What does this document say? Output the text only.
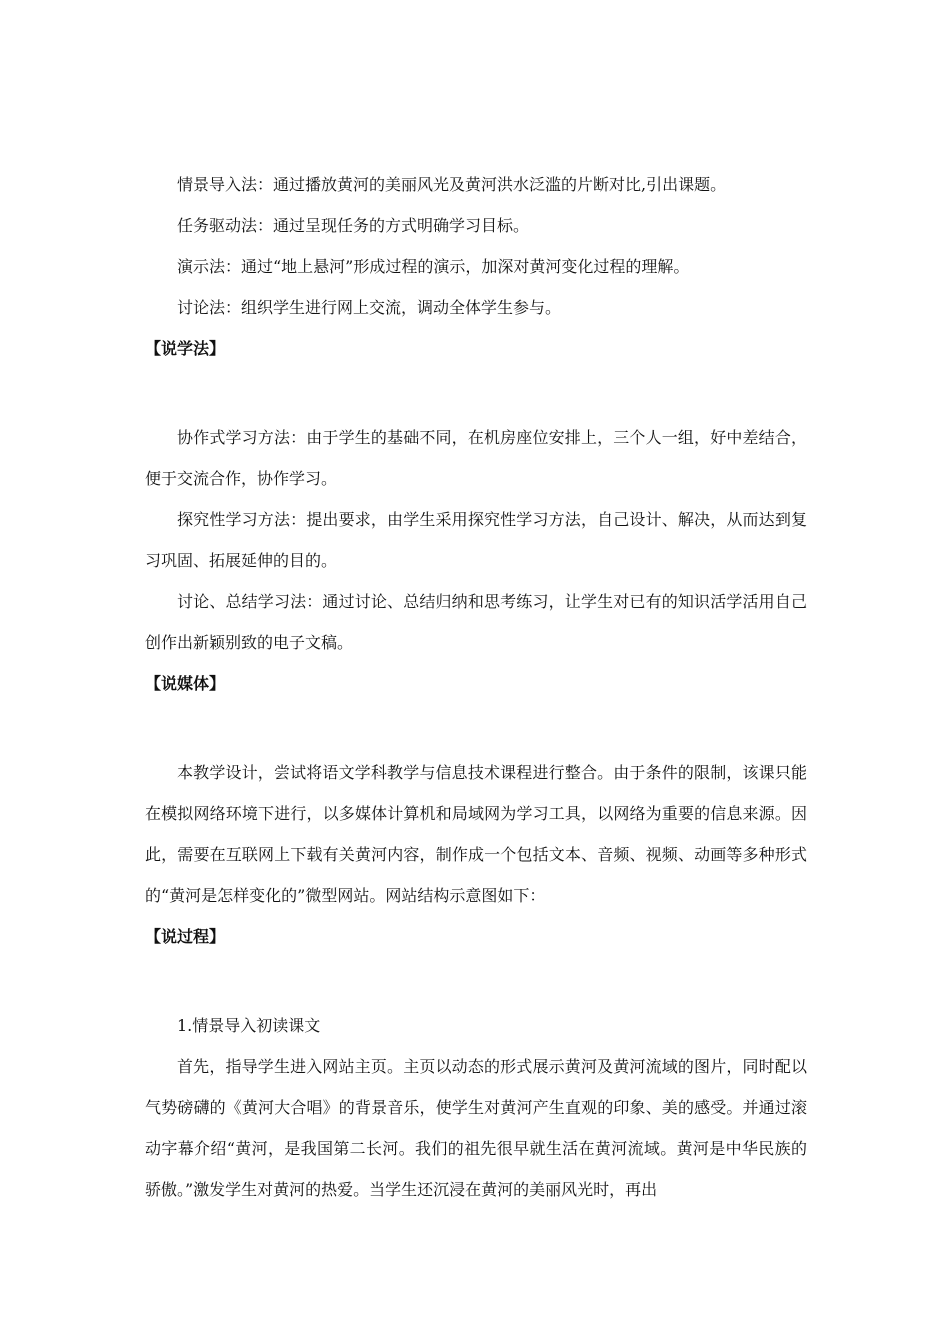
情景导入法：通过播放黄河的美丽风光及黄河洪水泛滥的片断对比,引出课题。

任务驱动法：通过呈现任务的方式明确学习目标。

演示法：通过“地上悬河”形成过程的演示，加深对黄河变化过程的理解。

讨论法：组织学生进行网上交流，调动全体学生参与。

【说学法】

协作式学习方法：由于学生的基础不同，在机房座位安排上，三个人一组，好中差结合，便于交流合作，协作学习。

探究性学习方法：提出要求，由学生采用探究性学习方法，自己设计、解决，从而达到复习巩固、拓展延伸的目的。

讨论、总结学习法：通过讨论、总结归纳和思考练习，让学生对已有的知识活学活用自己创作出新颖别致的电子文稿。

【说媒体】

本教学设计，尝试将语文学科教学与信息技术课程进行整合。由于条件的限制，该课只能在模拟网络环境下进行，以多媒体计算机和局域网为学习工具，以网络为重要的信息来源。因此，需要在互联网上下载有关黄河内容，制作成一个包括文本、音频、视频、动画等多种形式的“黄河是怎样变化的”微型网站。网站结构示意图如下：

【说过程】

1.情景导入初读课文

首先，指导学生进入网站主页。主页以动态的形式展示黄河及黄河流域的图片，同时配以气势磅礴的《黄河大合唱》的背景音乐，使学生对黄河产生直观的印象、美的感受。并通过滚动字幕介绍“黄河，是我国第二长河。我们的祖先很早就生活在黄河流域。黄河是中华民族的骄傲。”激发学生对黄河的热爱。当学生还沉浸在黄河的美丽风光时，再出
